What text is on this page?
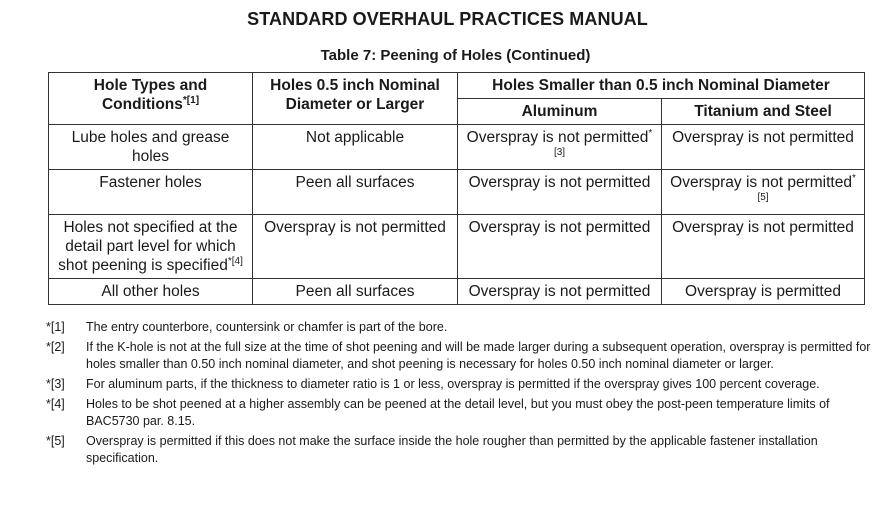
STANDARD OVERHAUL PRACTICES MANUAL
Table 7: Peening of Holes (Continued)
Hole Types and Conditions$^{*[1]}$	Holes 0.5 inch Nominal Diameter or Larger	Holes Smaller than 0.5 inch Nominal Diameter	
		Aluminum	Titanium and Steel
Lube holes and grease holes	Not applicable	Overspray is not permitted$^{*[3]}$	Overspray is not permitted
Fastener holes	Peen all surfaces	Overspray is not permitted	Overspray is not permitted$^{*[5]}$
Holes not specified at the detail part level for which shot peening is specified$^{*[4]}$	Overspray is not permitted	Overspray is not permitted	Overspray is not permitted
All other holes	Peen all surfaces	Overspray is not permitted	Overspray is permitted
*[1]	The entry counterbore, countersink or chamfer is part of the bore.
*[2]	If the K-hole is not at the full size at the time of shot peening and will be made larger during a subsequent operation, overspray is permitted for holes smaller than 0.50 inch nominal diameter, and shot peening is necessary for holes 0.50 inch nominal diameter or larger.
*[3]	For aluminum parts, if the thickness to diameter ratio is 1 or less, overspray is permitted if the overspray gives 100 percent coverage.
*[4]	Holes to be shot peened at a higher assembly can be peened at the detail level, but you must obey the post-peen temperature limits of BAC5730 par. 8.15.
*[5]	Overspray is permitted if this does not make the surface inside the hole rougher than permitted by the applicable fastener installation specification.
